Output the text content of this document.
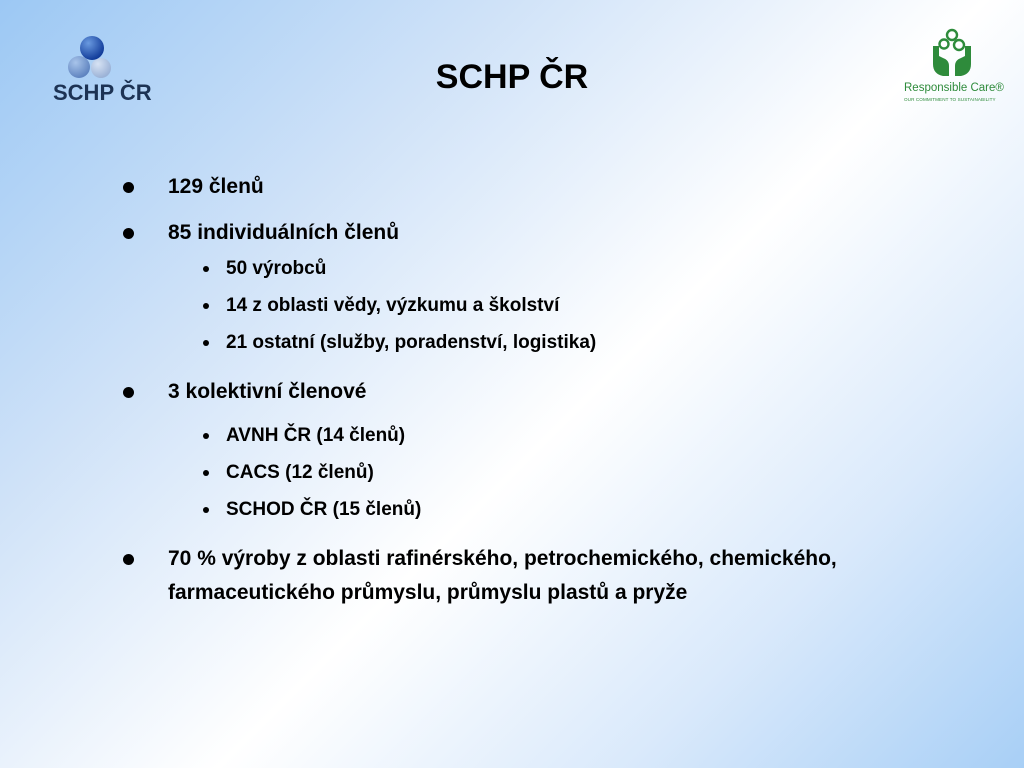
SCHP ČR	SCHP ČR	Responsible Care®
OUR COMMITMENT TO SUSTAINABILITY
129 členů
85 individuálních členů
50 výrobců
14 z oblasti vědy, výzkumu a školství
21 ostatní (služby, poradenství, logistika)
3 kolektivní členové
AVNH ČR (14 členů)
CACS (12 členů)
SCHOD ČR (15 členů)
70 % výroby z oblasti rafinérského, petrochemického, chemického, farmaceutického průmyslu, průmyslu plastů a pryže
